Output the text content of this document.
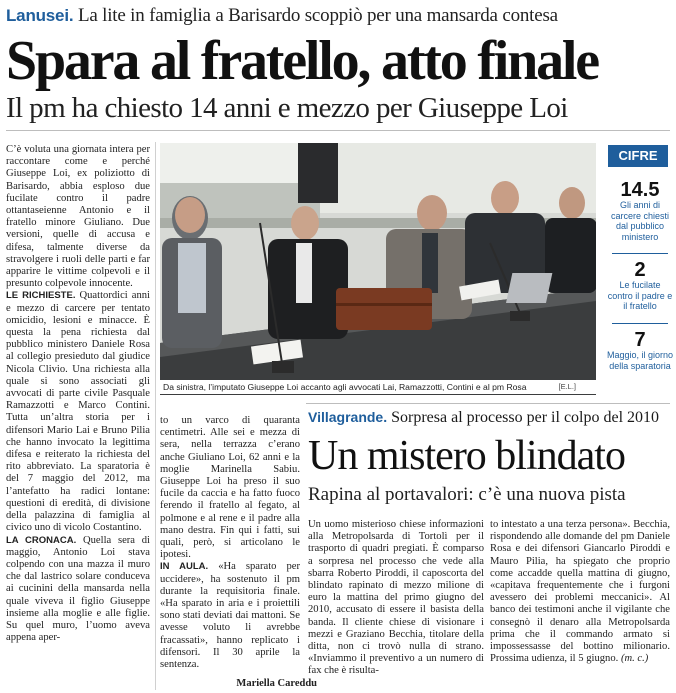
Lanusei. La lite in famiglia a Barisardo scoppiò per una mansarda contesa
Spara al fratello, atto finale
Il pm ha chiesto 14 anni e mezzo per Giuseppe Loi

C’è voluta una giornata intera per raccontare come e perché Giuseppe Loi, ex poliziotto di Barisardo, abbia esploso due fucilate contro il padre ottantaseienne Antonio e il fratello minore Giuliano. Due versioni, quelle di accusa e difesa, talmente diverse da stravolgere i ruoli delle parti e far apparire le vittime colpevoli e il presunto colpevole innocente.

LE RICHIESTE. Quattordici anni e mezzo di carcere per tentato omicidio, lesioni e minacce. È questa la pena richiesta dal pubblico ministero Daniele Rosa al collegio presieduto dal giudice Nicola Clivio. Una richiesta alla quale si sono associati gli avvocati di parte civile Pasquale Ramazzotti e Marco Contini. Tutta un’altra storia per i difensori Mario Lai e Bruno Pilia che hanno invocato la legittima difesa e reiterato la richiesta del rito abbreviato. La sparatoria è del 7 maggio del 2012, ma l’antefatto ha radici lontane: questioni di eredità, di divisione della palazzina di famiglia al civico uno di vicolo Costantino.

LA CRONACA. Quella sera di maggio, Antonio Loi stava colpendo con una mazza il muro che dal lastrico solare conduceva ai cucinini della mansarda nella quale viveva il figlio Giuseppe insieme alla moglie e alle figlie. Su quel muro, l’uomo aveva appena aper-

Da sinistra, l’imputato Giuseppe Loi accanto agli avvocati Lai, Ramazzotti, Contini e al pm Rosa	[E.L.]
CIFRE
14.5
Gli anni di carcere chiesti dal pubblico ministero
2
Le fucilate contro il padre e il fratello
7
Maggio, il giorno della sparatoria

to un varco di quaranta centimetri. Alle sei e mezza di sera, nella terrazza c’erano anche Giuliano Loi, 62 anni e la moglie Marinella Sabiu. Giuseppe Loi ha preso il suo fucile da caccia e ha fatto fuoco ferendo il fratello al fegato, al polmone e al rene e il padre alla mano destra. Fin qui i fatti, sui quali, però, si articolano le ipotesi.

IN AULA. «Ha sparato per uccidere», ha sostenuto il pm durante la requisitoria finale. «Ha sparato in aria e i proiettili sono stati deviati dai mattoni. Se avesse voluto li avrebbe fracassati», hanno replicato i difensori. Il 30 aprile la sentenza.

Mariella Careddu
Villagrande. Sorpresa al processo per il colpo del 2010
Un mistero blindato
Rapina al portavalori: c’è una nuova pista

Un uomo misterioso chiese informazioni alla Metropolsarda di Tortolì per il trasporto di quadri pregiati. È comparso a sorpresa nel processo che vede alla sbarra Roberto Piroddi, il caposcorta del blindato rapinato di mezzo milione di euro la mattina del primo giugno del 2010, accusato di essere il basista della banda. Il cliente chiese di visionare i mezzi e Graziano Becchia, titolare della ditta, non ci trovò nulla di strano. «Inviammo il preventivo a un numero di fax che è risulta-

to intestato a una terza persona». Becchia, rispondendo alle domande del pm Daniele Rosa e dei difensori Giancarlo Piroddi e Mauro Pilia, ha spiegato che proprio come accadde quella mattina di giugno, «capitava frequentemente che i furgoni avessero dei problemi meccanici». Al banco dei testimoni anche il vigilante che consegnò il denaro alla Metropolsarda prima che il commando armato si impossessasse del bottino milionario. Prossima udienza, il 5 giugno. (m. c.)
